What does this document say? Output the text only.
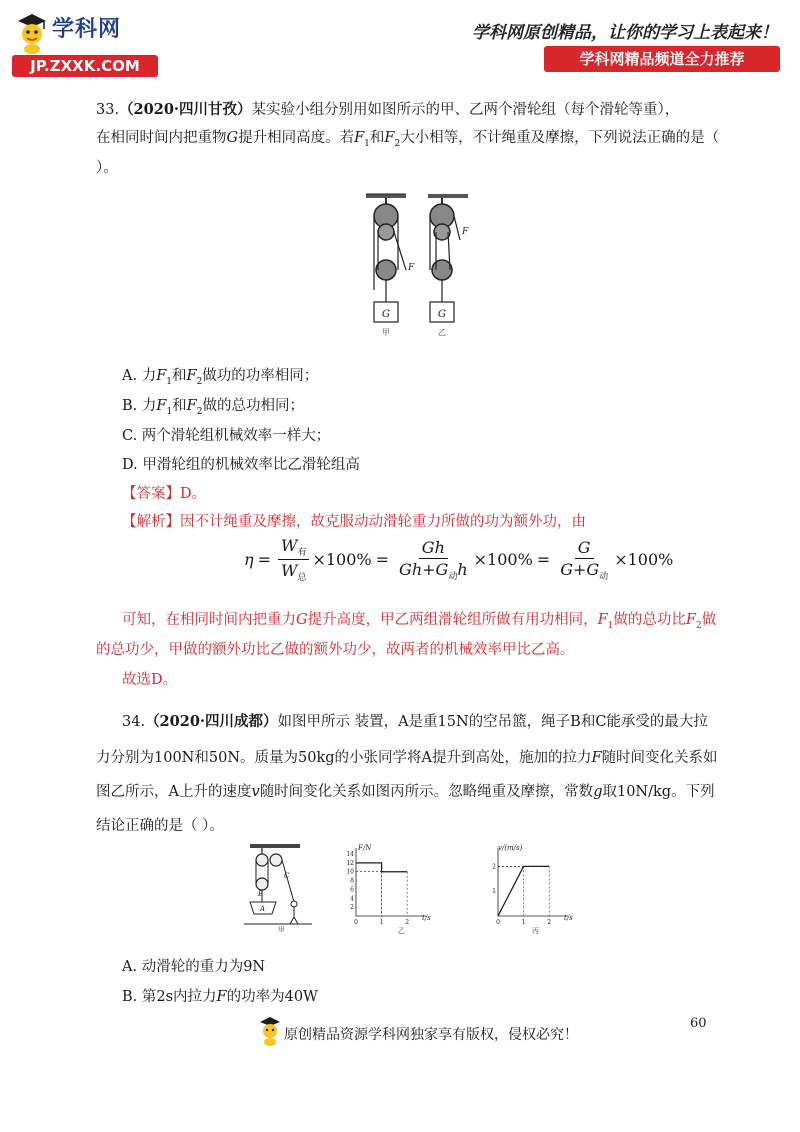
学科网
JP.ZXXK.COM
学科网原创精品，让你的学习上表起来！
学科网精品频道全力推荐
33.（2020·四川甘孜）某实验小组分别用如图所示的甲、乙两个滑轮组（每个滑轮等重），
在相同时间内把重物G提升相同高度。若$F_1$和$F_2$大小相等，不计绳重及摩擦，下列说法正确的是（
）。
G
F
甲
G
F
乙
A. 力$F_1$和$F_2$做功的功率相同；
B. 力$F_1$和$F_2$做的总功相同；
C. 两个滑轮组机械效率一样大；
D. 甲滑轮组的机械效率比乙滑轮组高
【答案】D。
【解析】因不计绳重及摩擦，故克服动动滑轮重力所做的功为额外功，由
$\eta = \frac{W_有}{W_总} \times 100\% = \frac{Gh}{Gh+G_动h} \times 100\% = \frac{G}{G+G_动} \times 100\%$
可知，在相同时间内把重力G提升高度，甲乙两组滑轮组所做有用功相同，$F_1$做的总功比$F_2$做
的总功少，甲做的额外功比乙做的额外功少，故两者的机械效率甲比乙高。
故选D。
34.（2020·四川成都）如图甲所示 装置，A是重15N的空吊篮，绳子B和C能承受的最大拉
力分别为100N和50N。质量为50kg的小张同学将A提升到高处，施加的拉力F随时间变化关系如
图乙所示，A上升的速度v随时间变化关系如图丙所示。忽略绳重及摩擦，常数g取10N/kg。下列
结论正确的是（ ）。
B
C
A
甲
F/N
t/s
乙
0	1	2
2
4
6
8
10
12
14
v/(m/s)
t/s
丙
0	1	2
1
2
A. 动滑轮的重力为9N
B. 第2s内拉力F的功率为40W
60
原创精品资源学科网独家享有版权，侵权必究！
